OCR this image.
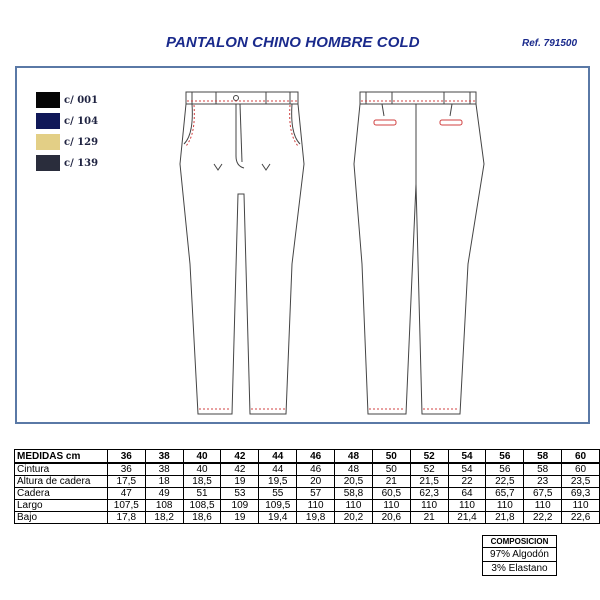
PANTALON CHINO HOMBRE COLD	Ref. 791500
c/ 001
c/ 104
c/ 129
c/ 139
MEDIDAS cm	36	38	40	42	44	46	48	50	52	54	56	58	60
Cintura	36	38	40	42	44	46	48	50	52	54	56	58	60
Altura de cadera	17,5	18	18,5	19	19,5	20	20,5	21	21,5	22	22,5	23	23,5
Cadera	47	49	51	53	55	57	58,8	60,5	62,3	64	65,7	67,5	69,3
Largo	107,5	108	108,5	109	109,5	110	110	110	110	110	110	110	110
Bajo	17,8	18,2	18,6	19	19,4	19,8	20,2	20,6	21	21,4	21,8	22,2	22,6
COMPOSICION
97% Algodón
3% Elastano
